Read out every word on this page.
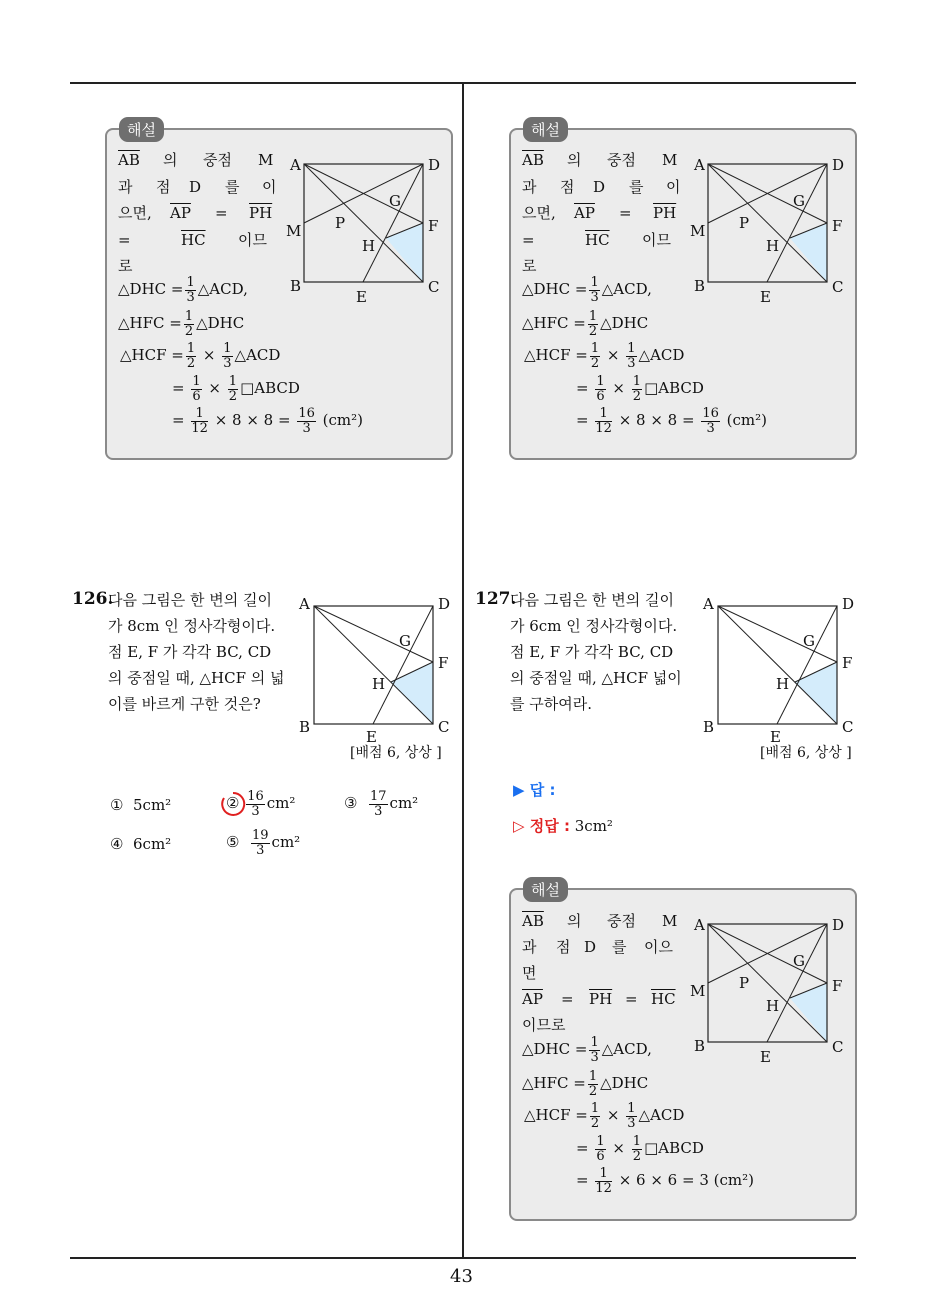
43
해설
$\overline{AB}$ 의 중점 M
과 점 D 를 이
으면, $\overline{AP} = \overline{PH}$
=	$\overline{HC}$ 이므
로
△DHC = $\frac{1}{3}$ △ACD,
△HFC = $\frac{1}{2}$ △DHC
△HCF = $\frac{1}{2} \times \frac{1}{3}$ △ACD
= $\frac{1}{6} \times \frac{1}{2}$ □ABCD
= $\frac{1}{12} \times 8 \times 8 = \frac{16}{3} (cm^2)$
A	D
B	C
E
F
G
H
M P
해설
$\overline{AB}$ 의 중점 M
과 점 D 를 이
으면, $\overline{AP} = \overline{PH}$
=	$\overline{HC}$ 이므
로
△DHC = $\frac{1}{3}$ △ACD,
△HFC = $\frac{1}{2}$ △DHC
△HCF = $\frac{1}{2} \times \frac{1}{3}$ △ACD
= $\frac{1}{6} \times \frac{1}{2}$ □ABCD
= $\frac{1}{12} \times 8 \times 8 = \frac{16}{3} (cm^2)$
A	D
B	C
E
F
G
H
M P
126.
다음 그림은 한 변의 길이
가 8cm 인 정사각형이다.
점 E, F 가 각각 BC, CD
의 중점일 때, △HCF 의 넓
이를 바르게 구한 것은?
[배점 6, 상상 ]
A	D
B	C
E
F
G
H
① 5cm²	②
$\frac{16}{3} cm^2$	③ $\frac{17}{3} cm^2$
④ 6cm²	⑤ $\frac{19}{3} cm^2$
127.
다음 그림은 한 변의 길이
가 6cm 인 정사각형이다.
점 E, F 가 각각 BC, CD
의 중점일 때, △HCF 넓이
를 구하여라.
[배점 6, 상상 ]
A	D
B	C
E
F
G
H
▶ 답 :
▷ 정답 : 3cm²
해설
$\overline{AB}$ 의 중점 M
과 점 D 를 이으
면
$\overline{AP} = \overline{PH} = \overline{HC}$
이므로
△DHC = $\frac{1}{3}$ △ACD,
△HFC = $\frac{1}{2}$ △DHC
△HCF = $\frac{1}{2} \times \frac{1}{3}$ △ACD
= $\frac{1}{6} \times \frac{1}{2}$ □ABCD
= $\frac{1}{12} \times 6 \times 6 = 3$ (cm²)
A	D
B	C
E
F
G
H
M P
